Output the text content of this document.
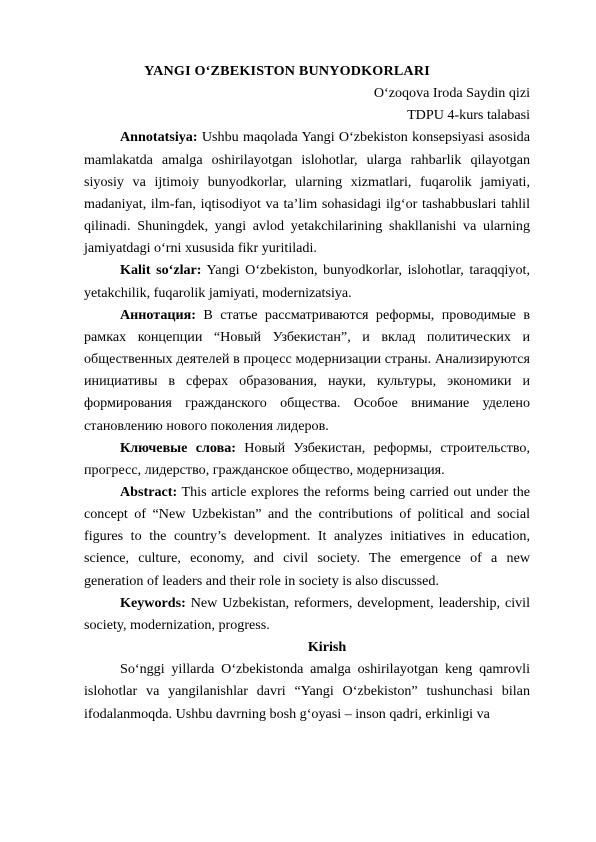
YANGI O‘ZBEKISTON BUNYODKORLARI

O‘zoqova Iroda Saydin qizi

TDPU 4-kurs talabasi

Annotatsiya: Ushbu maqolada Yangi O‘zbekiston konsepsiyasi asosida mamlakatda amalga oshirilayotgan islohotlar, ularga rahbarlik qilayotgan siyosiy va ijtimoiy bunyodkorlar, ularning xizmatlari, fuqarolik jamiyati, madaniyat, ilm-fan, iqtisodiyot va ta’lim sohasidagi ilg‘or tashabbuslari tahlil qilinadi. Shuningdek, yangi avlod yetakchilarining shakllanishi va ularning jamiyatdagi o‘rni xususida fikr yuritiladi.

Kalit so‘zlar: Yangi O‘zbekiston, bunyodkorlar, islohotlar, taraqqiyot, yetakchilik, fuqarolik jamiyati, modernizatsiya.

Аннотация: В статье рассматриваются реформы, проводимые в рамках концепции “Новый Узбекистан”, и вклад политических и общественных деятелей в процесс модернизации страны. Анализируются инициативы в сферах образования, науки, культуры, экономики и формирования гражданского общества. Особое внимание уделено становлению нового поколения лидеров.

Ключевые слова: Новый Узбекистан, реформы, строительство, прогресс, лидерство, гражданское общество, модернизация.

Abstract: This article explores the reforms being carried out under the concept of “New Uzbekistan” and the contributions of political and social figures to the country’s development. It analyzes initiatives in education, science, culture, economy, and civil society. The emergence of a new generation of leaders and their role in society is also discussed.

Keywords: New Uzbekistan, reformers, development, leadership, civil society, modernization, progress.

Kirish

So‘nggi yillarda O‘zbekistonda amalga oshirilayotgan keng qamrovli islohotlar va yangilanishlar davri “Yangi O‘zbekiston” tushunchasi bilan ifodalanmoqda. Ushbu davrning bosh g‘oyasi – inson qadri, erkinligi va
